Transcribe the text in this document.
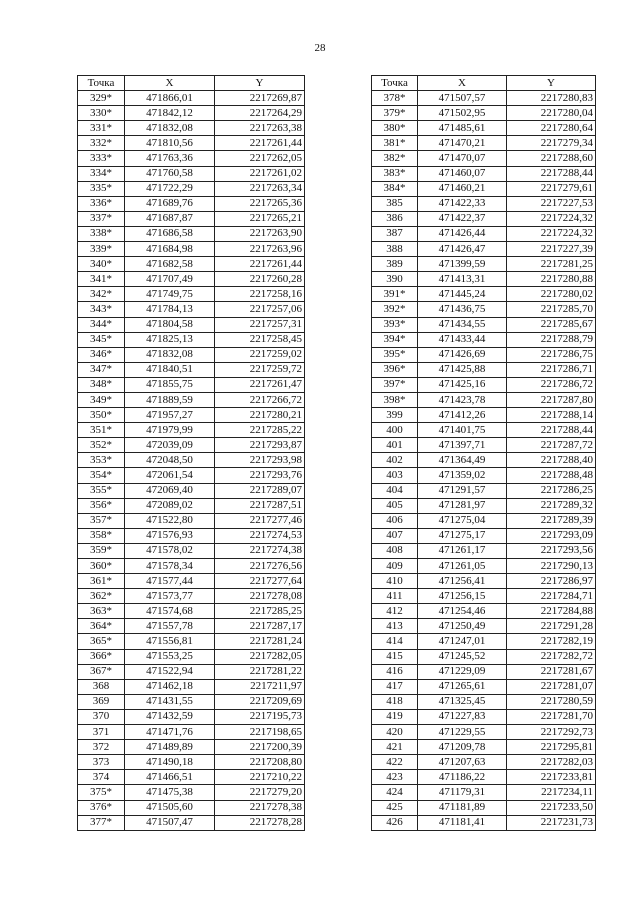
28
Точка	X	Y
329*	471866,01	2217269,87
330*	471842,12	2217264,29
331*	471832,08	2217263,38
332*	471810,56	2217261,44
333*	471763,36	2217262,05
334*	471760,58	2217261,02
335*	471722,29	2217263,34
336*	471689,76	2217265,36
337*	471687,87	2217265,21
338*	471686,58	2217263,90
339*	471684,98	2217263,96
340*	471682,58	2217261,44
341*	471707,49	2217260,28
342*	471749,75	2217258,16
343*	471784,13	2217257,06
344*	471804,58	2217257,31
345*	471825,13	2217258,45
346*	471832,08	2217259,02
347*	471840,51	2217259,72
348*	471855,75	2217261,47
349*	471889,59	2217266,72
350*	471957,27	2217280,21
351*	471979,99	2217285,22
352*	472039,09	2217293,87
353*	472048,50	2217293,98
354*	472061,54	2217293,76
355*	472069,40	2217289,07
356*	472089,02	2217287,51
357*	471522,80	2217277,46
358*	471576,93	2217274,53
359*	471578,02	2217274,38
360*	471578,34	2217276,56
361*	471577,44	2217277,64
362*	471573,77	2217278,08
363*	471574,68	2217285,25
364*	471557,78	2217287,17
365*	471556,81	2217281,24
366*	471553,25	2217282,05
367*	471522,94	2217281,22
368	471462,18	2217211,97
369	471431,55	2217209,69
370	471432,59	2217195,73
371	471471,76	2217198,65
372	471489,89	2217200,39
373	471490,18	2217208,80
374	471466,51	2217210,22
375*	471475,38	2217279,20
376*	471505,60	2217278,38
377*	471507,47	2217278,28
Точка	X	Y
378*	471507,57	2217280,83
379*	471502,95	2217280,04
380*	471485,61	2217280,64
381*	471470,21	2217279,34
382*	471470,07	2217288,60
383*	471460,07	2217288,44
384*	471460,21	2217279,61
385	471422,33	2217227,53
386	471422,37	2217224,32
387	471426,44	2217224,32
388	471426,47	2217227,39
389	471399,59	2217281,25
390	471413,31	2217280,88
391*	471445,24	2217280,02
392*	471436,75	2217285,70
393*	471434,55	2217285,67
394*	471433,44	2217288,79
395*	471426,69	2217286,75
396*	471425,88	2217286,71
397*	471425,16	2217286,72
398*	471423,78	2217287,80
399	471412,26	2217288,14
400	471401,75	2217288,44
401	471397,71	2217287,72
402	471364,49	2217288,40
403	471359,02	2217288,48
404	471291,57	2217286,25
405	471281,97	2217289,32
406	471275,04	2217289,39
407	471275,17	2217293,09
408	471261,17	2217293,56
409	471261,05	2217290,13
410	471256,41	2217286,97
411	471256,15	2217284,71
412	471254,46	2217284,88
413	471250,49	2217291,28
414	471247,01	2217282,19
415	471245,52	2217282,72
416	471229,09	2217281,67
417	471265,61	2217281,07
418	471325,45	2217280,59
419	471227,83	2217281,70
420	471229,55	2217292,73
421	471209,78	2217295,81
422	471207,63	2217282,03
423	471186,22	2217233,81
424	471179,31	2217234,11
425	471181,89	2217233,50
426	471181,41	2217231,73
